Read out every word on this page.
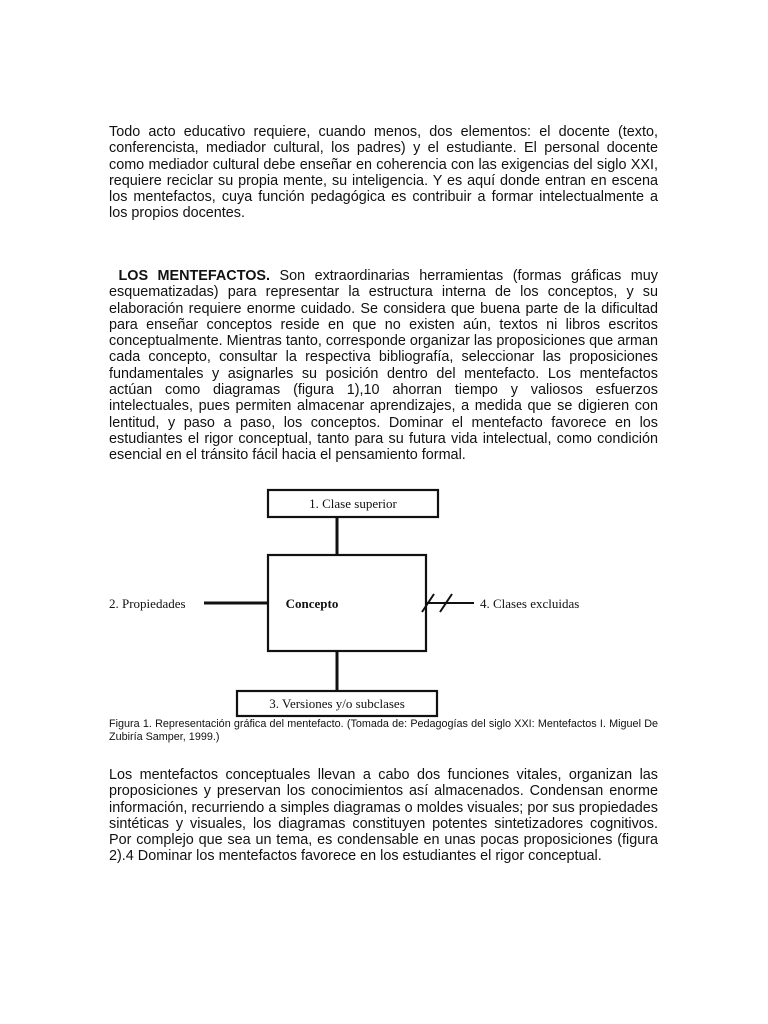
Todo acto educativo requiere, cuando menos, dos elementos: el docente (texto, conferencista, mediador cultural, los padres) y el estudiante. El personal docente como mediador cultural debe enseñar en coherencia con las exigencias del siglo XXI, requiere reciclar su propia mente, su inteligencia. Y es aquí donde entran en escena los mentefactos, cuya función pedagógica es contribuir a formar intelectualmente a los propios docentes.

LOS MENTEFACTOS. Son extraordinarias herramientas (formas gráficas muy esquematizadas) para representar la estructura interna de los conceptos, y su elaboración requiere enorme cuidado. Se considera que buena parte de la dificultad para enseñar conceptos reside en que no existen aún, textos ni libros escritos conceptualmente. Mientras tanto, corresponde organizar las proposiciones que arman cada concepto, consultar la respectiva bibliografía, seleccionar las proposiciones fundamentales y asignarles su posición dentro del mentefacto. Los mentefactos actúan como diagramas (figura 1),10 ahorran tiempo y valiosos esfuerzos intelectuales, pues permiten almacenar aprendizajes, a medida que se digieren con lentitud, y paso a paso, los conceptos. Dominar el mentefacto favorece en los estudiantes el rigor conceptual, tanto para su futura vida intelectual, como condición esencial en el tránsito fácil hacia el pensamiento formal.

1. Clase superior
Concepto
2. Propiedades	4. Clases excluidas
3. Versiones y/o subclases

Figura 1. Representación gráfica del mentefacto. (Tomada de: Pedagogías del siglo XXI: Mentefactos I. Miguel De Zubiría Samper, 1999.)

Los mentefactos conceptuales llevan a cabo dos funciones vitales, organizan las proposiciones y preservan los conocimientos así almacenados. Condensan enorme información, recurriendo a simples diagramas o moldes visuales; por sus propiedades sintéticas y visuales, los diagramas constituyen potentes sintetizadores cognitivos. Por complejo que sea un tema, es condensable en unas pocas proposiciones (figura 2).4 Dominar los mentefactos favorece en los estudiantes el rigor conceptual.
